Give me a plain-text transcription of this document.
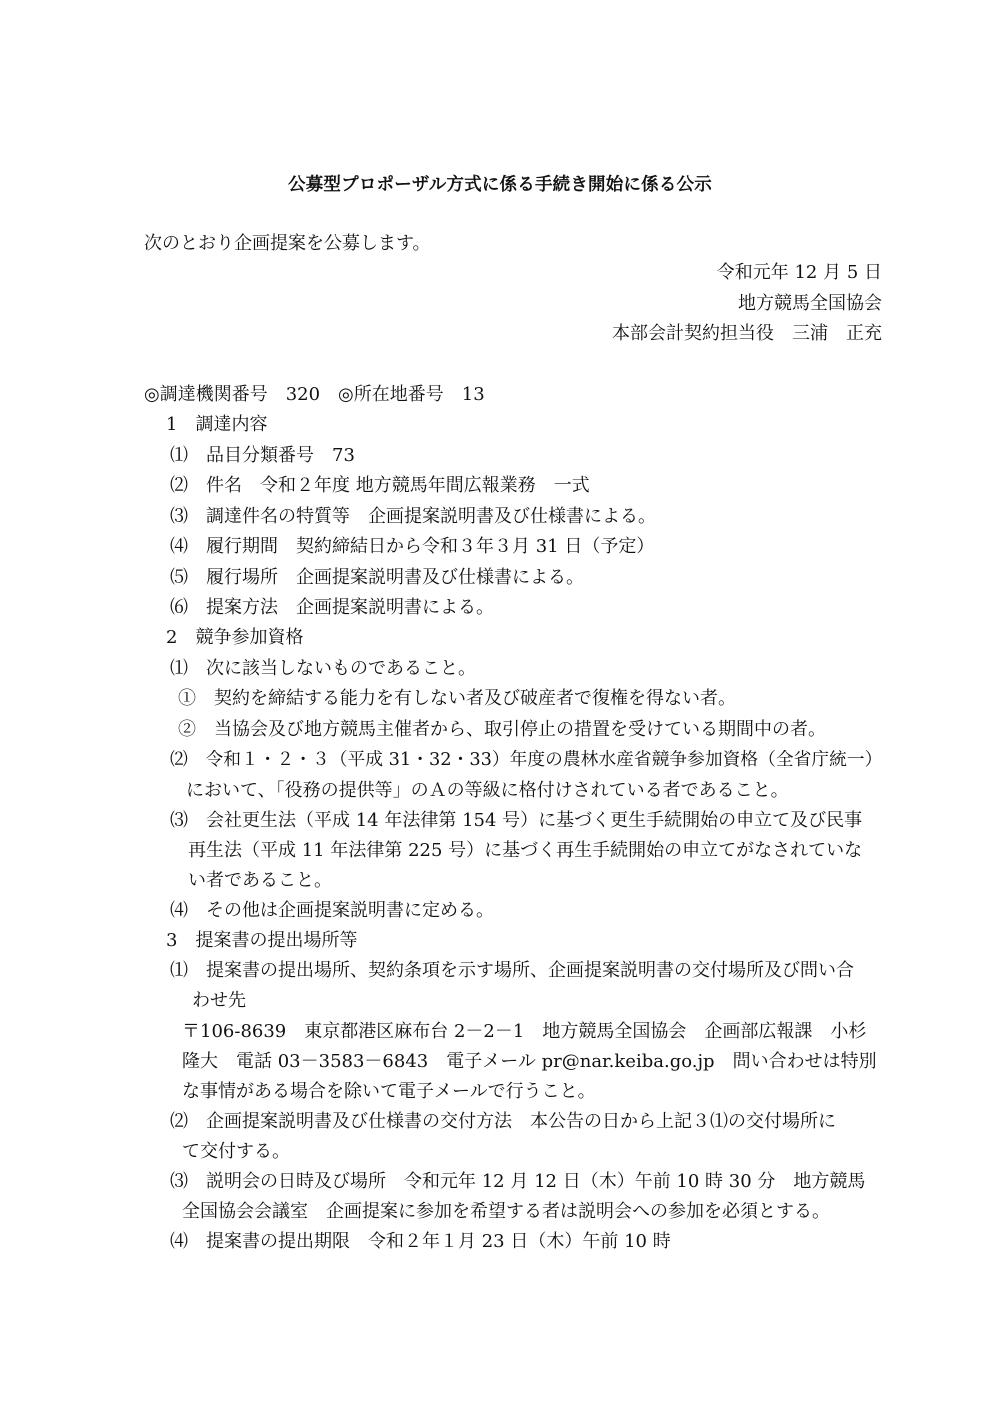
公募型プロポーザル方式に係る手続き開始に係る公示
次のとおり企画提案を公募します。
令和元年 12 月 5 日
地方競馬全国協会
本部会計契約担当役　三浦　正充
◎調達機関番号　320　◎所在地番号　13
1　調達内容
⑴　品目分類番号　73
⑵　件名　令和２年度 地方競馬年間広報業務　一式
⑶　調達件名の特質等　企画提案説明書及び仕様書による。
⑷　履行期間　契約締結日から令和３年３月 31 日（予定）
⑸　履行場所　企画提案説明書及び仕様書による。
⑹　提案方法　企画提案説明書による。
2　競争参加資格
⑴　次に該当しないものであること。
①　契約を締結する能力を有しない者及び破産者で復権を得ない者。
②　当協会及び地方競馬主催者から、取引停止の措置を受けている期間中の者。
⑵　令和１・２・３（平成 31・32・33）年度の農林水産省競争参加資格（全省庁統一）
において、「役務の提供等」のＡの等級に格付けされている者であること。
⑶　会社更生法（平成 14 年法律第 154 号）に基づく更生手続開始の申立て及び民事
再生法（平成 11 年法律第 225 号）に基づく再生手続開始の申立てがなされていな
い者であること。
⑷　その他は企画提案説明書に定める。
3　提案書の提出場所等
⑴　提案書の提出場所、契約条項を示す場所、企画提案説明書の交付場所及び問い合
わせ先
〒106-8639　東京都港区麻布台 2－2－1　地方競馬全国協会　企画部広報課　小杉
隆大　電話 03－3583－6843　電子メール pr@nar.keiba.go.jp　問い合わせは特別
な事情がある場合を除いて電子メールで行うこと。
⑵　企画提案説明書及び仕様書の交付方法　本公告の日から上記３⑴の交付場所に
て交付する。
⑶　説明会の日時及び場所　令和元年 12 月 12 日（木）午前 10 時 30 分　地方競馬
全国協会会議室　企画提案に参加を希望する者は説明会への参加を必須とする。
⑷　提案書の提出期限　令和２年１月 23 日（木）午前 10 時
